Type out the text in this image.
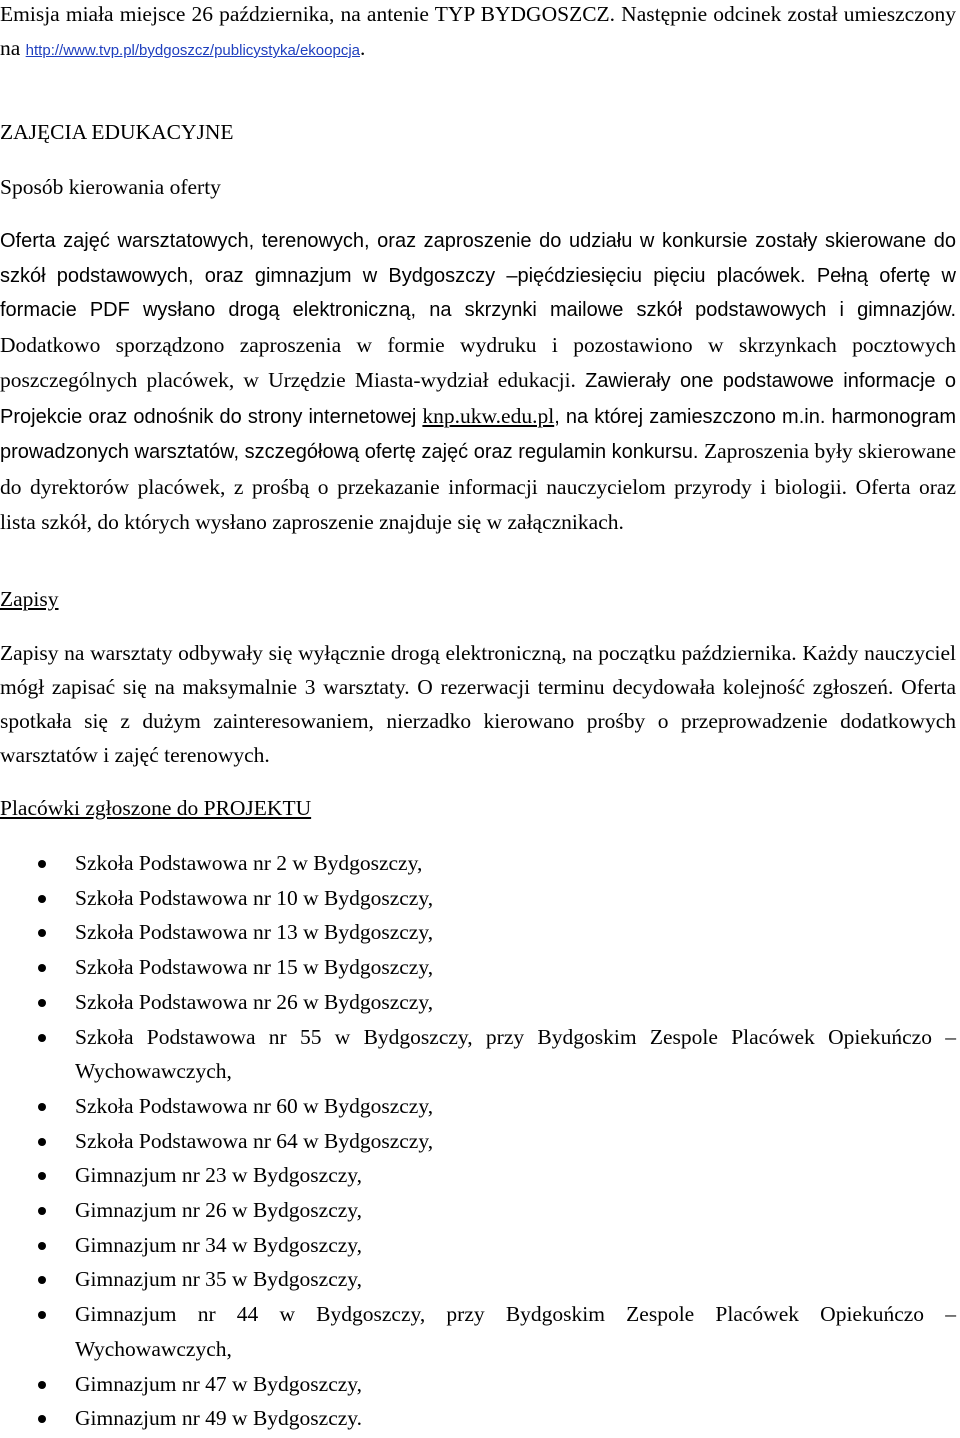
Emisja miała miejsce 26 października, na antenie TYP BYDGOSZCZ. Następnie odcinek został umieszczony na http://www.tvp.pl/bydgoszcz/publicystyka/ekoopcja.

ZAJĘCIA EDUKACYJNE
Sposób kierowania oferty

Oferta zajęć warsztatowych, terenowych, oraz zaproszenie do udziału w konkursie zostały skierowane do szkół podstawowych, oraz gimnazjum w Bydgoszczy –pięćdziesięciu pięciu placówek. Pełną ofertę w formacie PDF wysłano drogą elektroniczną, na skrzynki mailowe szkół podstawowych i gimnazjów. Dodatkowo sporządzono zaproszenia w formie wydruku i pozostawiono w skrzynkach pocztowych poszczególnych placówek, w Urzędzie Miasta-wydział edukacji. Zawierały one podstawowe informacje o Projekcie oraz odnośnik do strony internetowej knp.ukw.edu.pl, na której zamieszczono m.in. harmonogram prowadzonych warsztatów, szczegółową ofertę zajęć oraz regulamin konkursu. Zaproszenia były skierowane do dyrektorów placówek, z prośbą o przekazanie informacji nauczycielom przyrody i biologii. Oferta oraz lista szkół, do których wysłano zaproszenie znajduje się w załącznikach.

Zapisy

Zapisy na warsztaty odbywały się wyłącznie drogą elektroniczną, na początku października. Każdy nauczyciel mógł zapisać się na maksymalnie 3 warsztaty. O rezerwacji terminu decydowała kolejność zgłoszeń. Oferta spotkała się z dużym zainteresowaniem, nierzadko kierowano prośby o przeprowadzenie dodatkowych warsztatów i zajęć terenowych.

Placówki zgłoszone do PROJEKTU
Szkoła Podstawowa nr 2 w Bydgoszczy,
Szkoła Podstawowa nr 10 w Bydgoszczy,
Szkoła Podstawowa nr 13 w Bydgoszczy,
Szkoła Podstawowa nr 15 w Bydgoszczy,
Szkoła Podstawowa nr 26 w Bydgoszczy,
Szkoła Podstawowa nr 55 w Bydgoszczy, przy Bydgoskim Zespole Placówek Opiekuńczo – Wychowawczych,
Szkoła Podstawowa nr 60 w Bydgoszczy,
Szkoła Podstawowa nr 64 w Bydgoszczy,
Gimnazjum nr 23 w Bydgoszczy,
Gimnazjum nr 26 w Bydgoszczy,
Gimnazjum nr 34 w Bydgoszczy,
Gimnazjum nr 35 w Bydgoszczy,
Gimnazjum nr 44 w Bydgoszczy, przy Bydgoskim Zespole Placówek Opiekuńczo – Wychowawczych,
Gimnazjum nr 47 w Bydgoszczy,
Gimnazjum nr 49 w Bydgoszczy.
